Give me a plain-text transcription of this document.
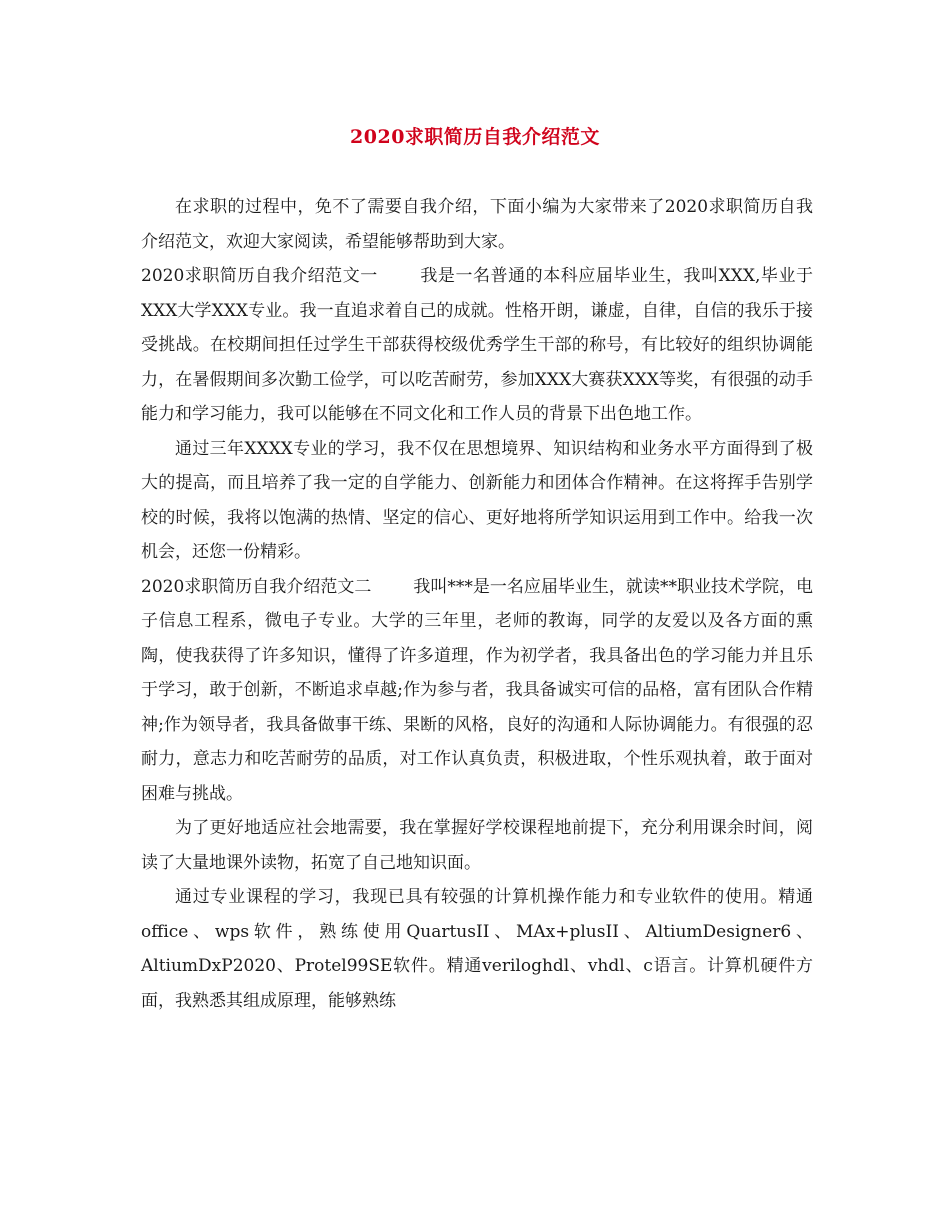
2020求职简历自我介绍范文

在求职的过程中，免不了需要自我介绍，下面小编为大家带来了2020求职简历自我介绍范文，欢迎大家阅读，希望能够帮助到大家。

2020求职简历自我介绍范文一 我是一名普通的本科应届毕业生，我叫XXX,毕业于XXX大学XXX专业。我一直追求着自己的成就。性格开朗，谦虚，自律，自信的我乐于接受挑战。在校期间担任过学生干部获得校级优秀学生干部的称号，有比较好的组织协调能力，在暑假期间多次勤工俭学，可以吃苦耐劳，参加XXX大赛获XXX等奖，有很强的动手能力和学习能力，我可以能够在不同文化和工作人员的背景下出色地工作。

通过三年XXXX专业的学习，我不仅在思想境界、知识结构和业务水平方面得到了极大的提高，而且培养了我一定的自学能力、创新能力和团体合作精神。在这将挥手告别学校的时候，我将以饱满的热情、坚定的信心、更好地将所学知识运用到工作中。给我一次机会，还您一份精彩。

2020求职简历自我介绍范文二 我叫***是一名应届毕业生，就读**职业技术学院，电子信息工程系，微电子专业。大学的三年里，老师的教诲，同学的友爱以及各方面的熏陶，使我获得了许多知识，懂得了许多道理，作为初学者，我具备出色的学习能力并且乐于学习，敢于创新，不断追求卓越;作为参与者，我具备诚实可信的品格，富有团队合作精神;作为领导者，我具备做事干练、果断的风格，良好的沟通和人际协调能力。有很强的忍耐力，意志力和吃苦耐劳的品质，对工作认真负责，积极进取，个性乐观执着，敢于面对困难与挑战。

为了更好地适应社会地需要，我在掌握好学校课程地前提下，充分利用课余时间，阅读了大量地课外读物，拓宽了自己地知识面。

通过专业课程的学习，我现已具有较强的计算机操作能力和专业软件的使用。精通office、wps软件，熟练使用QuartusII、MAx+plusII、AltiumDesigner6、AltiumDxP2020、Protel99SE软件。精通veriloghdl、vhdl、c语言。计算机硬件方面，我熟悉其组成原理，能够熟练
